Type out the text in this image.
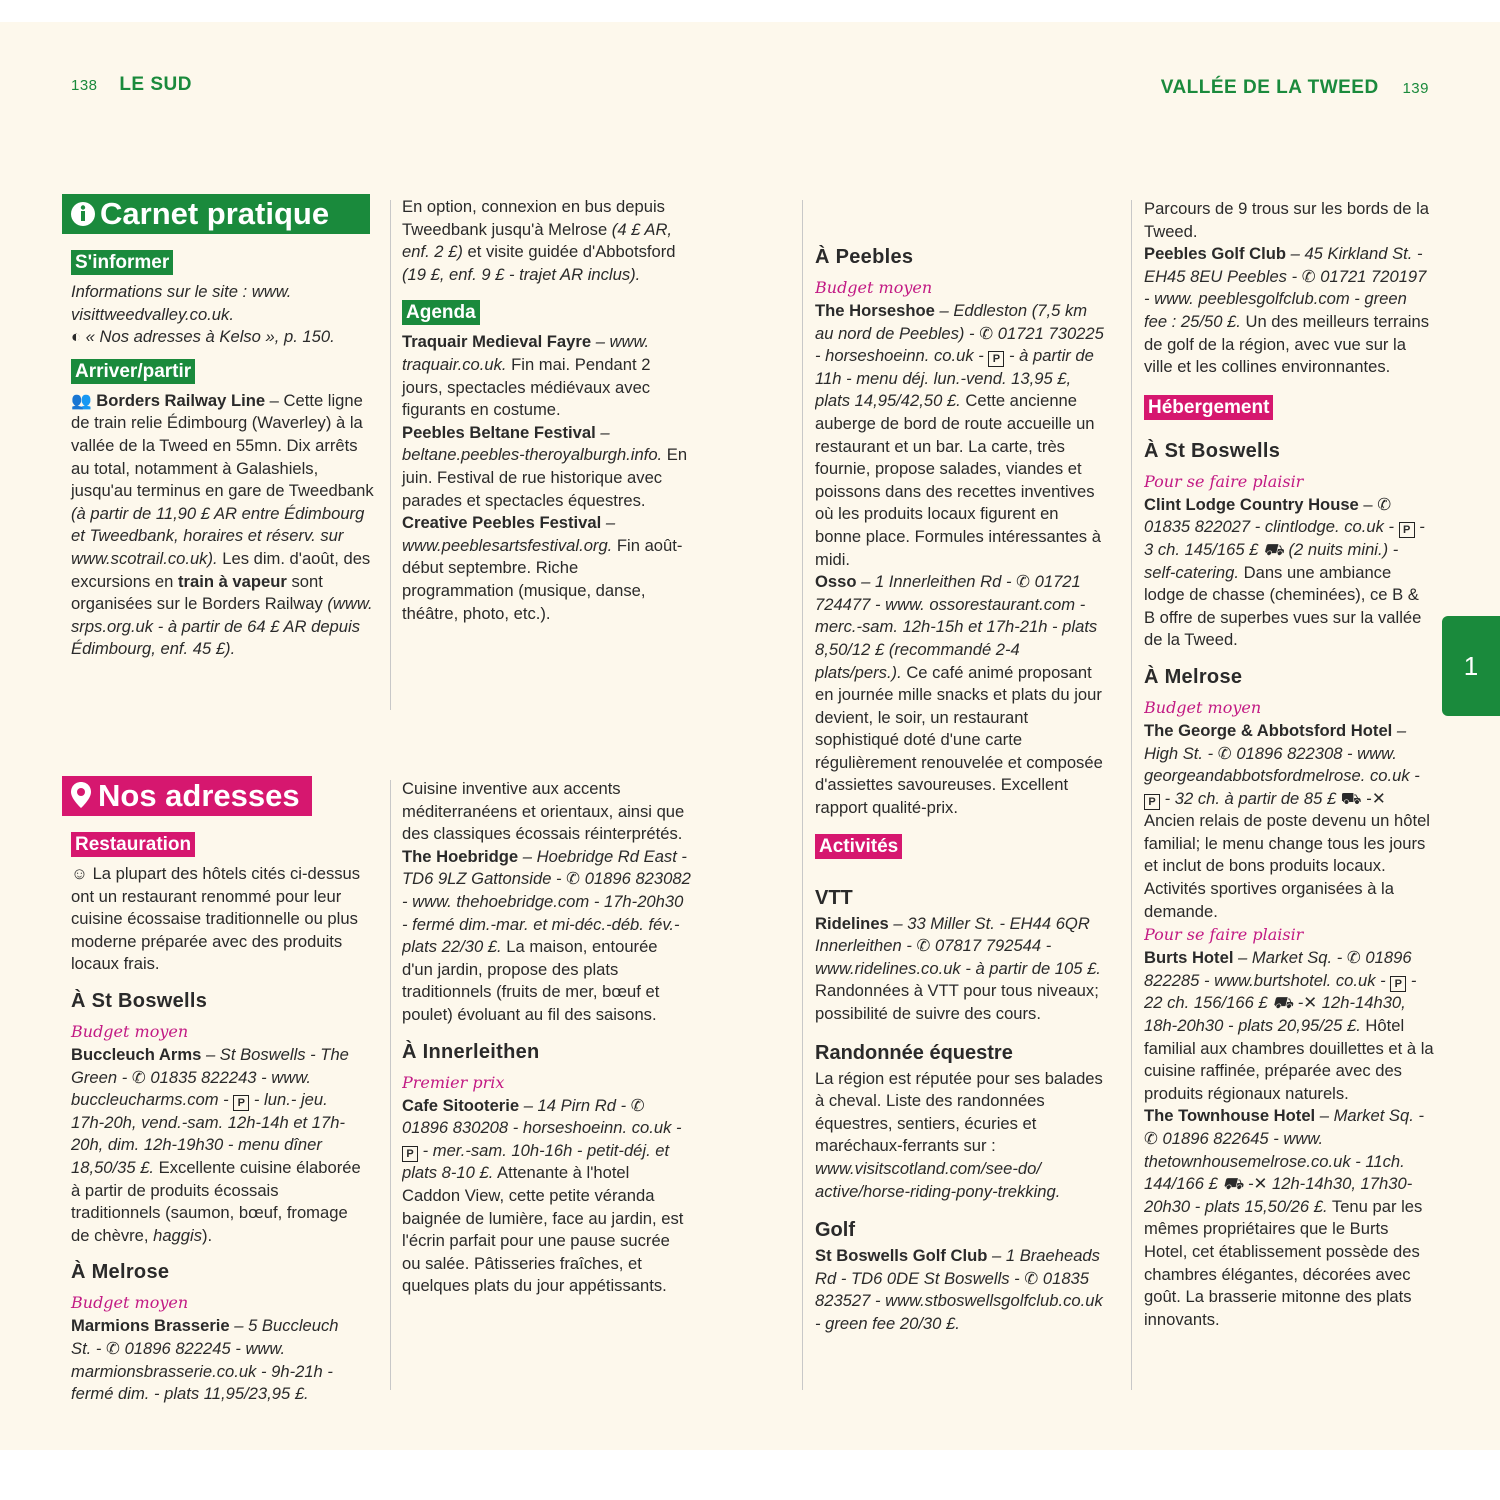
138 LE SUD	VALLÉE DE LA TWEED 139
Carnet pratique
S'informer

Informations sur le site : www. visittweedvalley.co.uk.

◐ « Nos adresses à Kelso », p. 150.

Arriver/partir

👥 Borders Railway Line – Cette ligne de train relie Édimbourg (Waverley) à la vallée de la Tweed en 55mn. Dix arrêts au total, notamment à Galashiels, jusqu'au terminus en gare de Tweedbank (à partir de 11,90 £ AR entre Édimbourg et Tweedbank, horaires et réserv. sur www.scotrail.co.uk). Les dim. d'août, des excursions en train à vapeur sont organisées sur le Borders Railway (www. srps.org.uk - à partir de 64 £ AR depuis Édimbourg, enf. 45 £).

En option, connexion en bus depuis Tweedbank jusqu'à Melrose (4 £ AR, enf. 2 £) et visite guidée d'Abbotsford (19 £, enf. 9 £ - trajet AR inclus).

Agenda

Traquair Medieval Fayre – www. traquair.co.uk. Fin mai. Pendant 2 jours, spectacles médiévaux avec figurants en costume.

Peebles Beltane Festival – beltane.peebles-theroyalburgh.info. En juin. Festival de rue historique avec parades et spectacles équestres.

Creative Peebles Festival – www.peeblesartsfestival.org. Fin août-début septembre. Riche programmation (musique, danse, théâtre, photo, etc.).

Nos adresses
Restauration

☺ La plupart des hôtels cités ci-dessus ont un restaurant renommé pour leur cuisine écossaise traditionnelle ou plus moderne préparée avec des produits locaux frais.

À St Boswells
Budget moyen

Buccleuch Arms – St Boswells - The Green - ✆ 01835 822243 - www. buccleucharms.com - P - lun.- jeu. 17h-20h, vend.-sam. 12h-14h et 17h-20h, dim. 12h-19h30 - menu dîner 18,50/35 £. Excellente cuisine élaborée à partir de produits écossais traditionnels (saumon, bœuf, fromage de chèvre, haggis).

À Melrose
Budget moyen

Marmions Brasserie – 5 Buccleuch St. - ✆ 01896 822245 - www. marmionsbrasserie.co.uk - 9h-21h - fermé dim. - plats 11,95/23,95 £.

Cuisine inventive aux accents méditerranéens et orientaux, ainsi que des classiques écossais réinterprétés.

The Hoebridge – Hoebridge Rd East - TD6 9LZ Gattonside - ✆ 01896 823082 - www. thehoebridge.com - 17h-20h30 - fermé dim.-mar. et mi-déc.-déb. fév.- plats 22/30 £. La maison, entourée d'un jardin, propose des plats traditionnels (fruits de mer, bœuf et poulet) évoluant au fil des saisons.

À Innerleithen
Premier prix

Cafe Sitooterie – 14 Pirn Rd - ✆ 01896 830208 - horseshoeinn. co.uk - P - mer.-sam. 10h-16h - petit-déj. et plats 8-10 £. Attenante à l'hotel Caddon View, cette petite véranda baignée de lumière, face au jardin, est l'écrin parfait pour une pause sucrée ou salée. Pâtisseries fraîches, et quelques plats du jour appétissants.

À Peebles
Budget moyen

The Horseshoe – Eddleston (7,5 km au nord de Peebles) - ✆ 01721 730225 - horseshoeinn. co.uk - P - à partir de 11h - menu déj. lun.-vend. 13,95 £, plats 14,95/42,50 £. Cette ancienne auberge de bord de route accueille un restaurant et un bar. La carte, très fournie, propose salades, viandes et poissons dans des recettes inventives où les produits locaux figurent en bonne place. Formules intéressantes à midi.

Osso – 1 Innerleithen Rd - ✆ 01721 724477 - www. ossorestaurant.com - merc.-sam. 12h-15h et 17h-21h - plats 8,50/12 £ (recommandé 2-4 plats/pers.). Ce café animé proposant en journée mille snacks et plats du jour devient, le soir, un restaurant sophistiqué doté d'une carte régulièrement renouvelée et composée d'assiettes savoureuses. Excellent rapport qualité-prix.

Activités
VTT

Ridelines – 33 Miller St. - EH44 6QR Innerleithen - ✆ 07817 792544 - www.ridelines.co.uk - à partir de 105 £. Randonnées à VTT pour tous niveaux; possibilité de suivre des cours.

Randonnée équestre

La région est réputée pour ses balades à cheval. Liste des randonnées équestres, sentiers, écuries et maréchaux-ferrants sur : www.visitscotland.com/see-do/ active/horse-riding-pony-trekking.

Golf

St Boswells Golf Club – 1 Braeheads Rd - TD6 0DE St Boswells - ✆ 01835 823527 - www.stboswellsgolfclub.co.uk - green fee 20/30 £.

Parcours de 9 trous sur les bords de la Tweed.

Peebles Golf Club – 45 Kirkland St. - EH45 8EU Peebles - ✆ 01721 720197 - www. peeblesgolfclub.com - green fee : 25/50 £. Un des meilleurs terrains de golf de la région, avec vue sur la ville et les collines environnantes.

Hébergement
À St Boswells
Pour se faire plaisir

Clint Lodge Country House – ✆ 01835 822027 - clintlodge. co.uk - P - 3 ch. 145/165 £ ⛟ (2 nuits mini.) - self-catering. Dans une ambiance lodge de chasse (cheminées), ce B & B offre de superbes vues sur la vallée de la Tweed.

À Melrose
Budget moyen

The George & Abbotsford Hotel – High St. - ✆ 01896 822308 - www. georgeandabbotsfordmelrose. co.uk - P - 32 ch. à partir de 85 £ ⛟ -✕ Ancien relais de poste devenu un hôtel familial; le menu change tous les jours et inclut de bons produits locaux. Activités sportives organisées à la demande.

Pour se faire plaisir

Burts Hotel – Market Sq. - ✆ 01896 822285 - www.burtshotel. co.uk - P - 22 ch. 156/166 £ ⛟ -✕ 12h-14h30, 18h-20h30 - plats 20,95/25 £. Hôtel familial aux chambres douillettes et à la cuisine raffinée, préparée avec des produits régionaux naturels.

The Townhouse Hotel – Market Sq. - ✆ 01896 822645 - www. thetownhousemelrose.co.uk - 11ch. 144/166 £ ⛟ -✕ 12h-14h30, 17h30- 20h30 - plats 15,50/26 £. Tenu par les mêmes propriétaires que le Burts Hotel, cet établissement possède des chambres élégantes, décorées avec goût. La brasserie mitonne des plats innovants.

1
